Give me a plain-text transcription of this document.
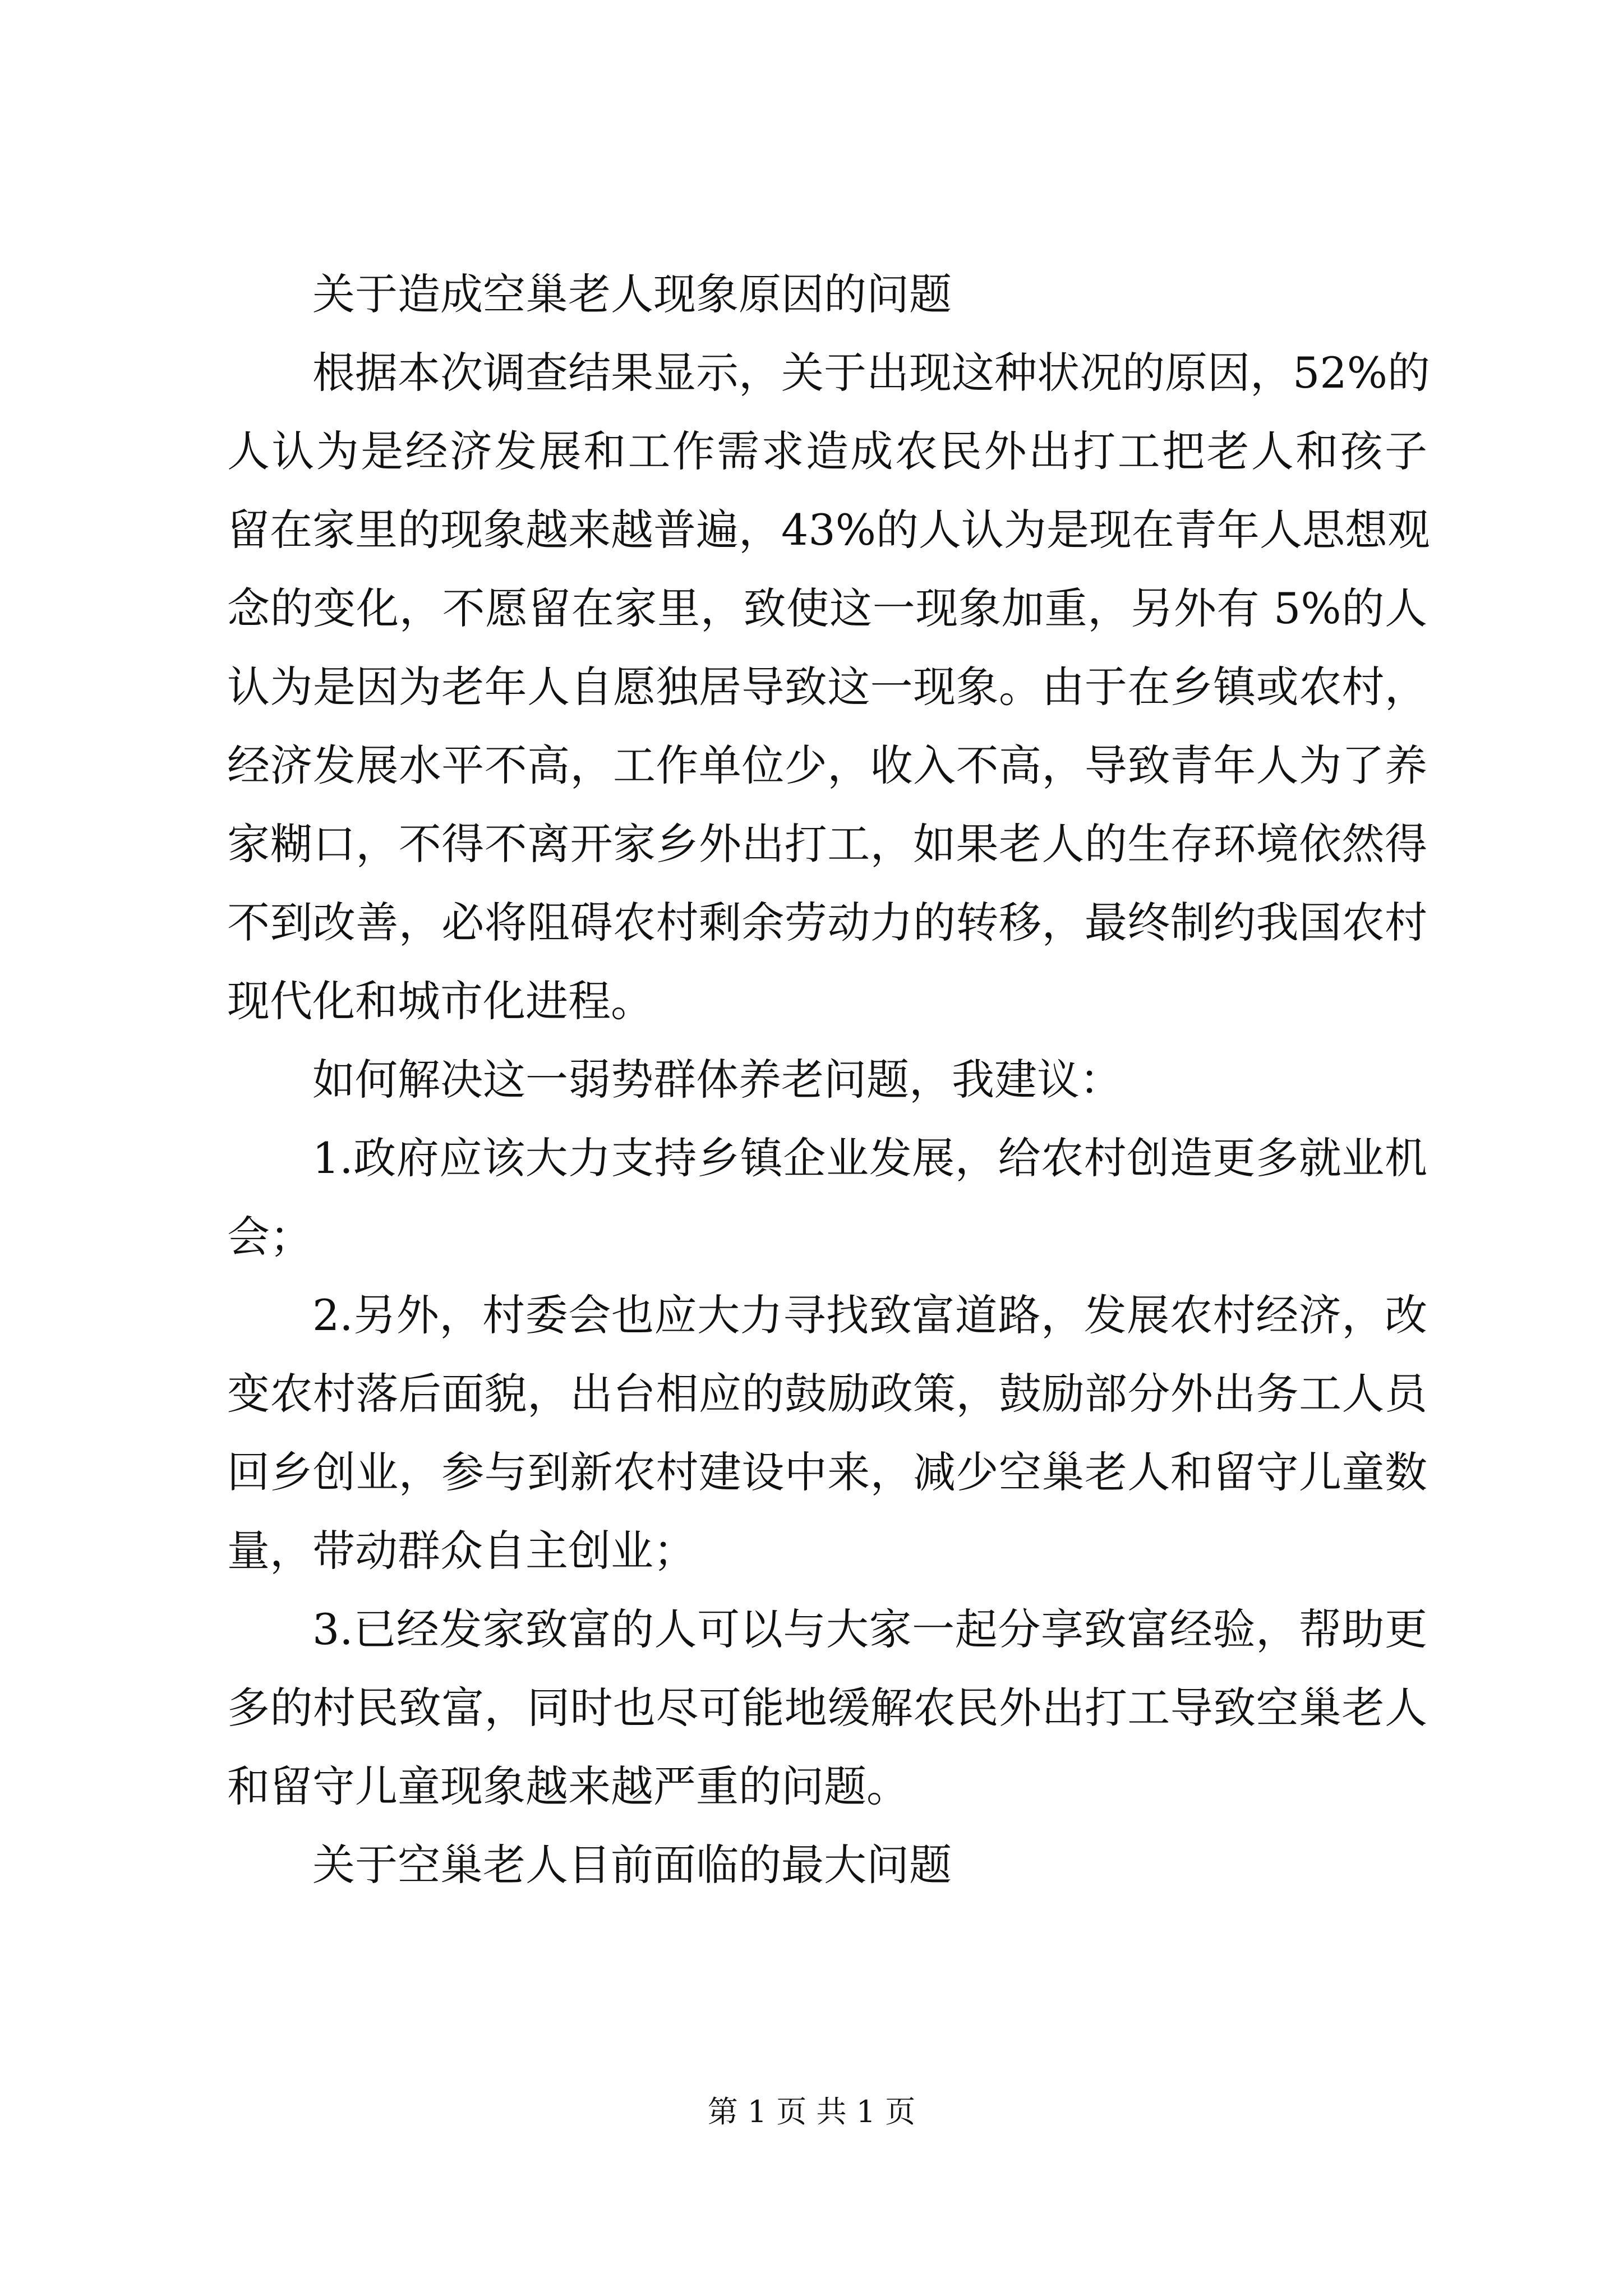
关于造成空巢老人现象原因的问题
根据本次调查结果显示，关于出现这种状况的原因，52%的
人认为是经济发展和工作需求造成农民外出打工把老人和孩子
留在家里的现象越来越普遍，43%的人认为是现在青年人思想观
念的变化，不愿留在家里，致使这一现象加重，另外有 5%的人
认为是因为老年人自愿独居导致这一现象。由于在乡镇或农村，
经济发展水平不高，工作单位少，收入不高，导致青年人为了养
家糊口，不得不离开家乡外出打工，如果老人的生存环境依然得
不到改善，必将阻碍农村剩余劳动力的转移，最终制约我国农村
现代化和城市化进程。
如何解决这一弱势群体养老问题，我建议：
1.政府应该大力支持乡镇企业发展，给农村创造更多就业机
会；
2.另外，村委会也应大力寻找致富道路，发展农村经济，改
变农村落后面貌，出台相应的鼓励政策，鼓励部分外出务工人员
回乡创业，参与到新农村建设中来，减少空巢老人和留守儿童数
量，带动群众自主创业；
3.已经发家致富的人可以与大家一起分享致富经验，帮助更
多的村民致富，同时也尽可能地缓解农民外出打工导致空巢老人
和留守儿童现象越来越严重的问题。
关于空巢老人目前面临的最大问题
第 1 页 共 1 页
